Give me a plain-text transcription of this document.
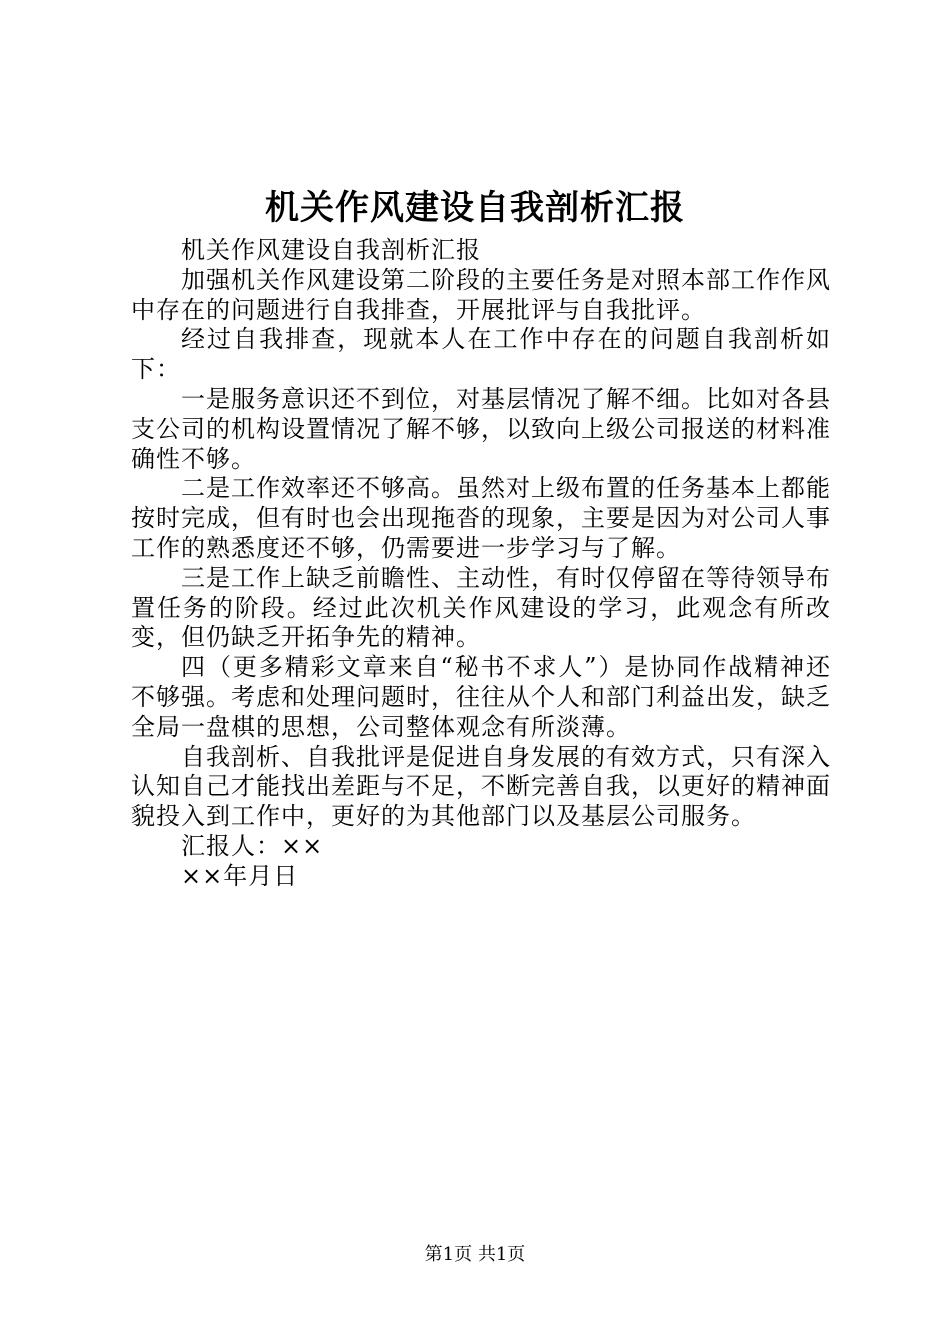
机关作风建设自我剖析汇报

机关作风建设自我剖析汇报

加强机关作风建设第二阶段的主要任务是对照本部工作作风中存在的问题进行自我排查，开展批评与自我批评。

经过自我排查，现就本人在工作中存在的问题自我剖析如下：

一是服务意识还不到位，对基层情况了解不细。比如对各县支公司的机构设置情况了解不够，以致向上级公司报送的材料准确性不够。

二是工作效率还不够高。虽然对上级布置的任务基本上都能按时完成，但有时也会出现拖沓的现象，主要是因为对公司人事工作的熟悉度还不够，仍需要进一步学习与了解。

三是工作上缺乏前瞻性、主动性，有时仅停留在等待领导布置任务的阶段。经过此次机关作风建设的学习，此观念有所改变，但仍缺乏开拓争先的精神。

四（更多精彩文章来自“秘书不求人”）是协同作战精神还不够强。考虑和处理问题时，往往从个人和部门利益出发，缺乏全局一盘棋的思想，公司整体观念有所淡薄。

自我剖析、自我批评是促进自身发展的有效方式，只有深入认知自己才能找出差距与不足，不断完善自我，以更好的精神面貌投入到工作中，更好的为其他部门以及基层公司服务。

汇报人：××

××年月日

第1页 共1页
